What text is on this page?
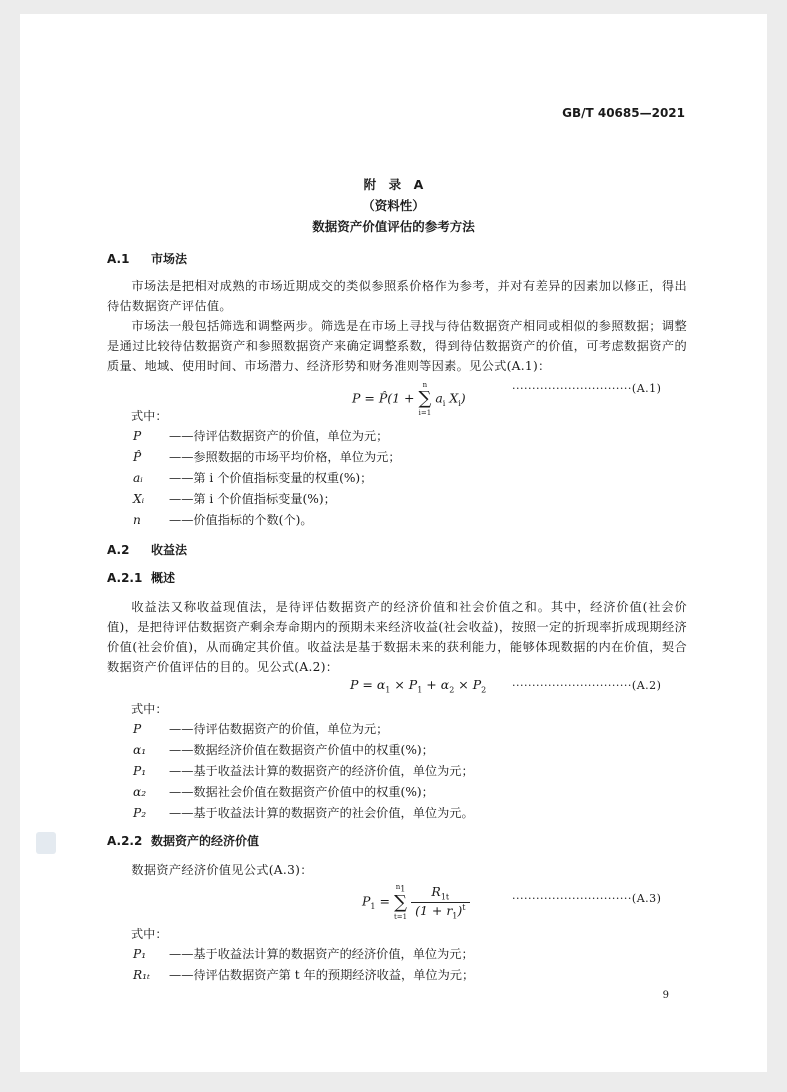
GB/T 40685—2021
附　录　A
（资料性）
数据资产价值评估的参考方法
A.1 市场法
市场法是把相对成熟的市场近期成交的类似参照系价格作为参考，并对有差异的因素加以修正，得出待估数据资产评估值。
市场法一般包括筛选和调整两步。筛选是在市场上寻找与待估数据资产相同或相似的参照数据；调整是通过比较待估数据资产和参照数据资产来确定调整系数，得到待估数据资产的价值，可考虑数据资产的质量、地域、使用时间、市场潜力、经济形势和财务准则等因素。见公式(A.1)：
P = P̂(1 +
n
∑
i=1
$a_i$ $X_i$)
······························(A.1)
式中：
P ——待评估数据资产的价值，单位为元；
P̂ ——参照数据的市场平均价格，单位为元；
aᵢ ——第 i 个价值指标变量的权重(%)；
Xᵢ ——第 i 个价值指标变量(%)；
n ——价值指标的个数(个)。
A.2 收益法
A.2.1 概述
收益法又称收益现值法，是待评估数据资产的经济价值和社会价值之和。其中，经济价值(社会价值)，是把待评估数据资产剩余寿命期内的预期未来经济收益(社会收益)，按照一定的折现率折成现期经济价值(社会价值)，从而确定其价值。收益法是基于数据未来的获利能力，能够体现数据的内在价值，契合数据资产价值评估的目的。见公式(A.2)：
$P = \alpha_1 \times P_1 + \alpha_2 \times P_2 \cdot\cdot\cdot\cdot\cdot\cdot\cdot\cdot\cdot\cdot\cdot\cdot\cdot\cdot\cdot\cdot\cdot\cdot\cdot\cdot\cdot\cdot\cdot\cdot\cdot\cdot\cdot\cdot\cdot\cdot(A.2)$
式中：
P ——待评估数据资产的价值，单位为元；
α₁ ——数据经济价值在数据资产价值中的权重(%)；
P₁ ——基于收益法计算的数据资产的经济价值，单位为元；
α₂ ——数据社会价值在数据资产价值中的权重(%)；
P₂ ——基于收益法计算的数据资产的社会价值，单位为元。
A.2.2 数据资产的经济价值
数据资产经济价值见公式(A.3)：
$P_1$ =
$n_1$
∑
t=1
$\frac{R_{1t}}{(1 + r_1)^t}$	······························(A.3)
式中：
P₁ ——基于收益法计算的数据资产的经济价值，单位为元；
R₁ₜ ——待评估数据资产第 t 年的预期经济收益，单位为元；
9
